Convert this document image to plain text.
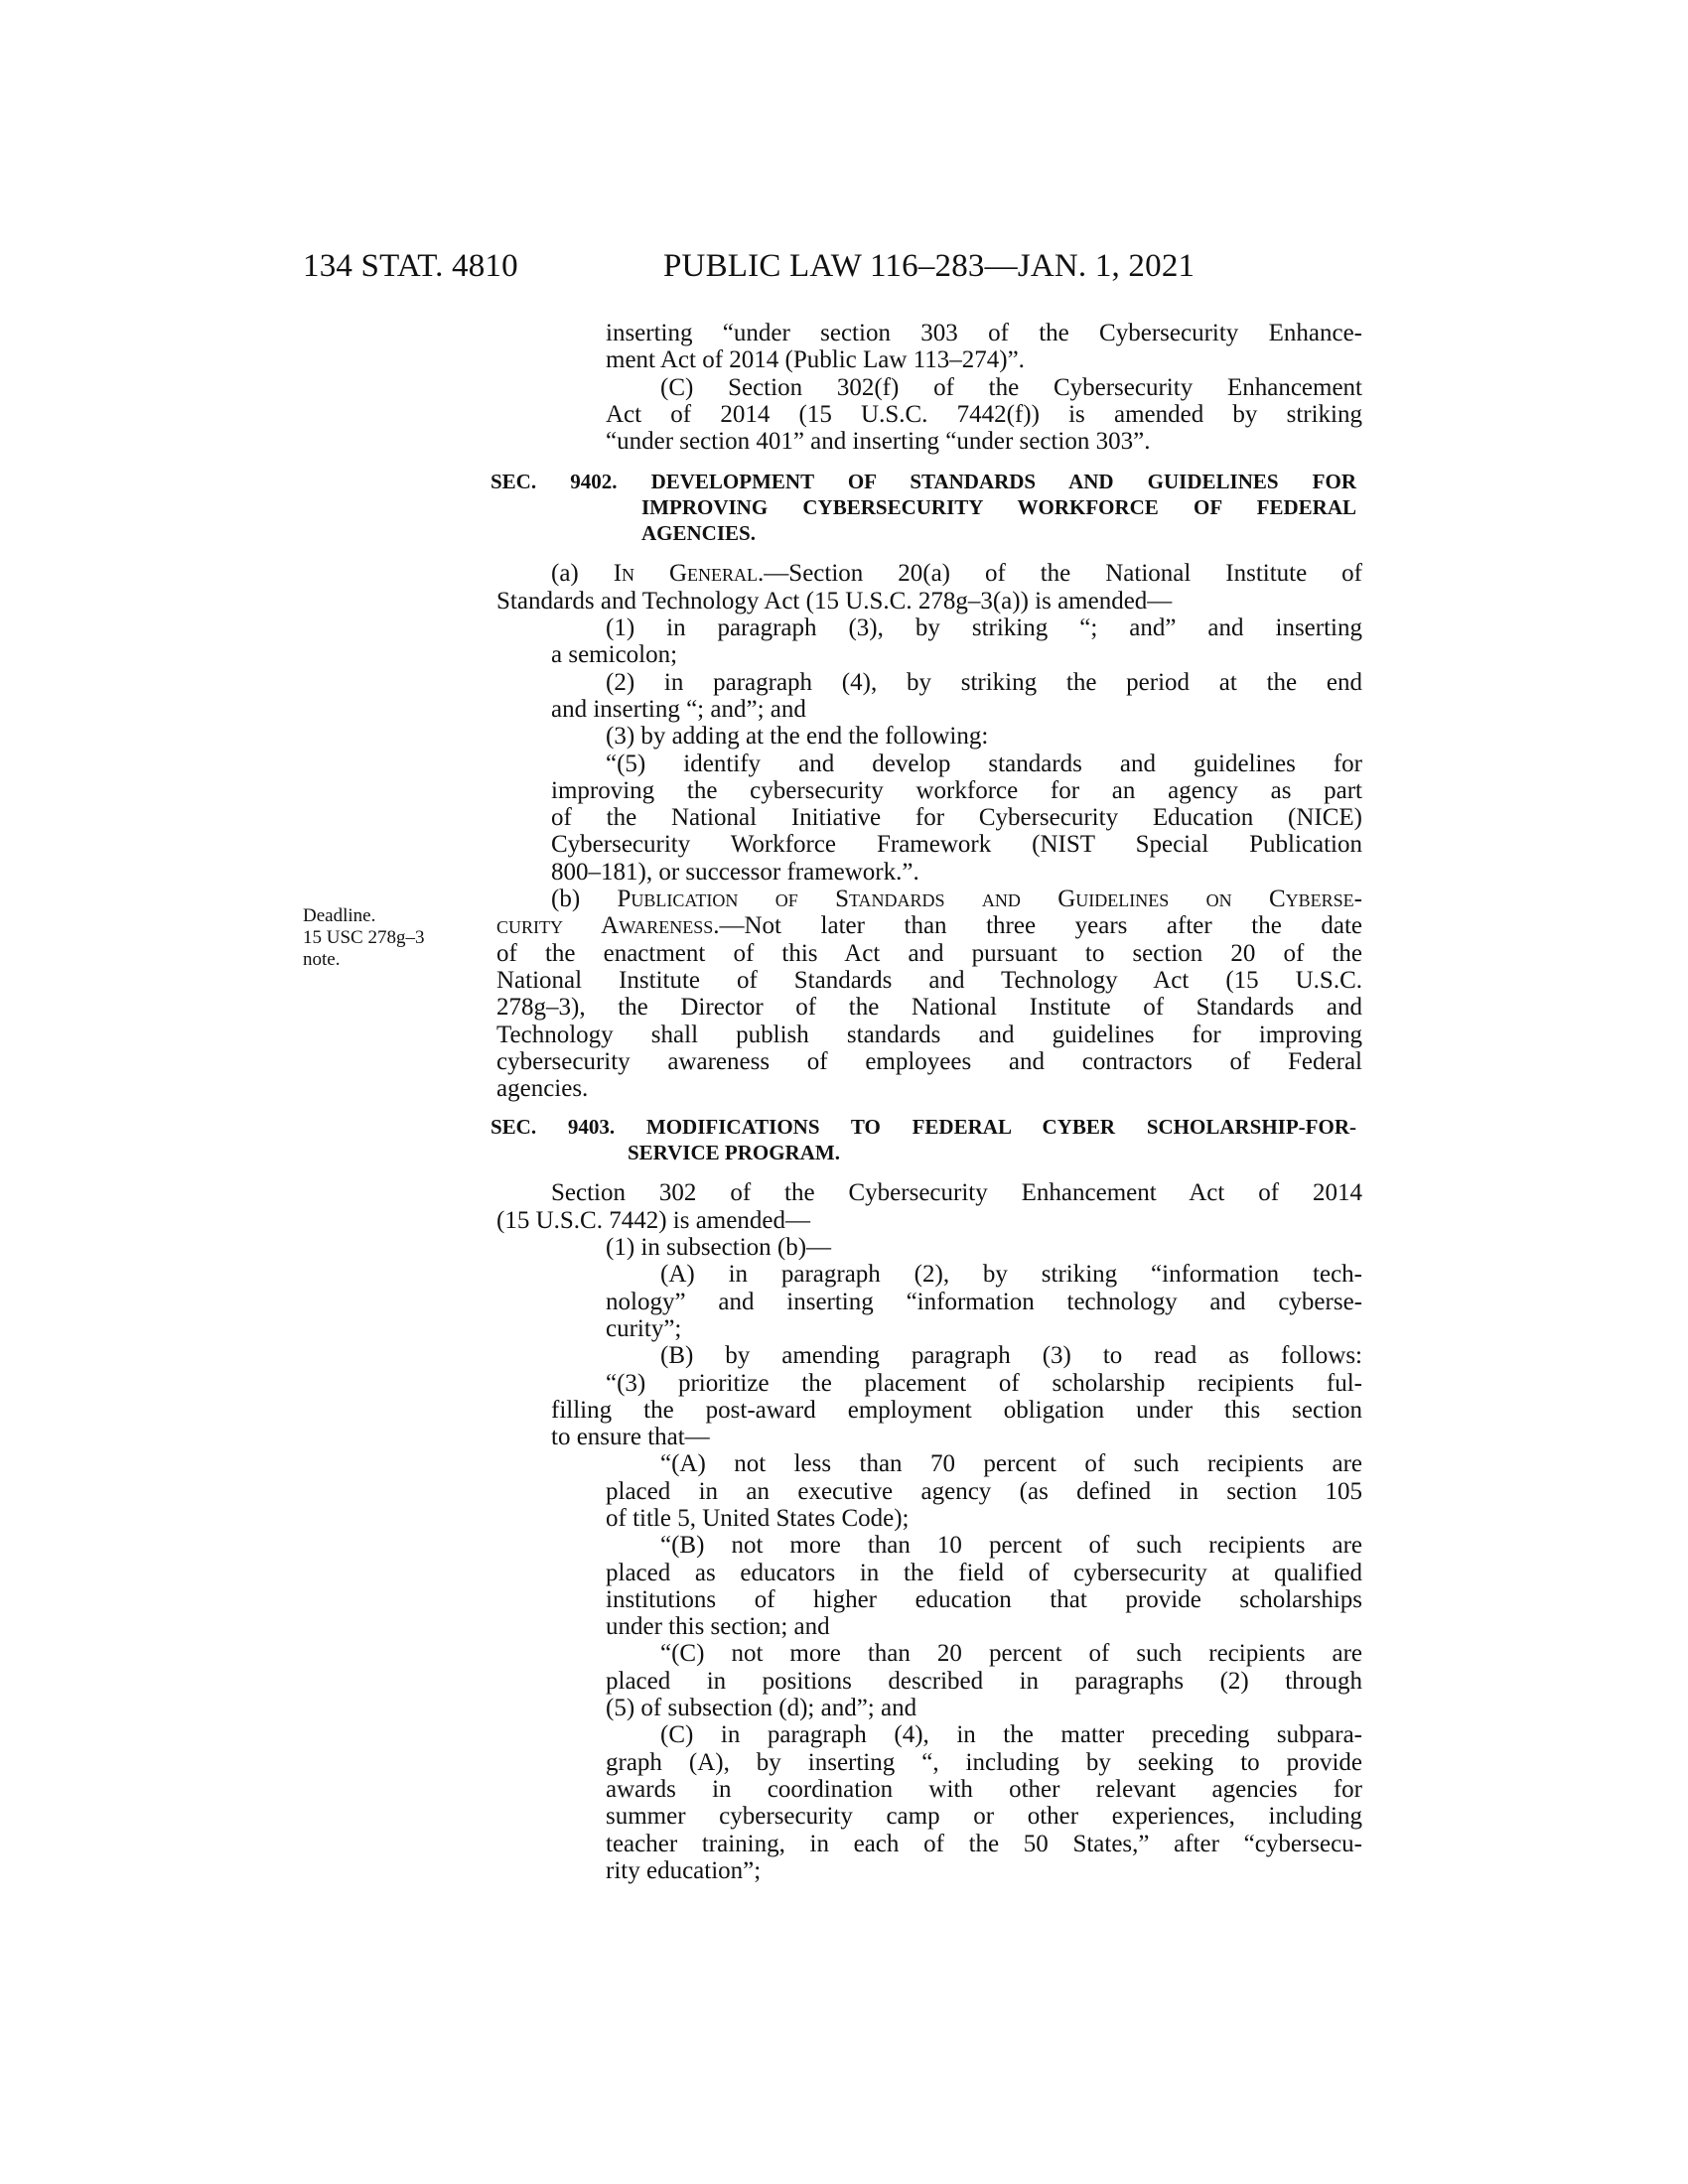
134 STAT. 4810	PUBLIC LAW 116–283—JAN. 1, 2021
Deadline.
15 USC 278g–3
note.
inserting “under section 303 of the Cybersecurity Enhance-
ment Act of 2014 (Public Law 113–274)”.
(C) Section 302(f) of the Cybersecurity Enhancement
Act of 2014 (15 U.S.C. 7442(f)) is amended by striking
“under section 401” and inserting “under section 303”.
SEC. 9402. DEVELOPMENT OF STANDARDS AND GUIDELINES FOR
IMPROVING CYBERSECURITY WORKFORCE OF FEDERAL
AGENCIES.
(a) In General.—Section 20(a) of the National Institute of
Standards and Technology Act (15 U.S.C. 278g–3(a)) is amended—
(1) in paragraph (3), by striking “; and” and inserting
a semicolon;
(2) in paragraph (4), by striking the period at the end
and inserting “; and”; and
(3) by adding at the end the following:
“(5) identify and develop standards and guidelines for
improving the cybersecurity workforce for an agency as part
of the National Initiative for Cybersecurity Education (NICE)
Cybersecurity Workforce Framework (NIST Special Publication
800–181), or successor framework.”.
(b) Publication of Standards and Guidelines on Cyberse-
curity Awareness.—Not later than three years after the date
of the enactment of this Act and pursuant to section 20 of the
National Institute of Standards and Technology Act (15 U.S.C.
278g–3), the Director of the National Institute of Standards and
Technology shall publish standards and guidelines for improving
cybersecurity awareness of employees and contractors of Federal
agencies.
SEC. 9403. MODIFICATIONS TO FEDERAL CYBER SCHOLARSHIP-FOR-
SERVICE PROGRAM.
Section 302 of the Cybersecurity Enhancement Act of 2014
(15 U.S.C. 7442) is amended—
(1) in subsection (b)—
(A) in paragraph (2), by striking “information tech-
nology” and inserting “information technology and cyberse-
curity”;
(B) by amending paragraph (3) to read as follows:
“(3) prioritize the placement of scholarship recipients ful-
filling the post-award employment obligation under this section
to ensure that—
“(A) not less than 70 percent of such recipients are
placed in an executive agency (as defined in section 105
of title 5, United States Code);
“(B) not more than 10 percent of such recipients are
placed as educators in the field of cybersecurity at qualified
institutions of higher education that provide scholarships
under this section; and
“(C) not more than 20 percent of such recipients are
placed in positions described in paragraphs (2) through
(5) of subsection (d); and”; and
(C) in paragraph (4), in the matter preceding subpara-
graph (A), by inserting “, including by seeking to provide
awards in coordination with other relevant agencies for
summer cybersecurity camp or other experiences, including
teacher training, in each of the 50 States,” after “cybersecu-
rity education”;
